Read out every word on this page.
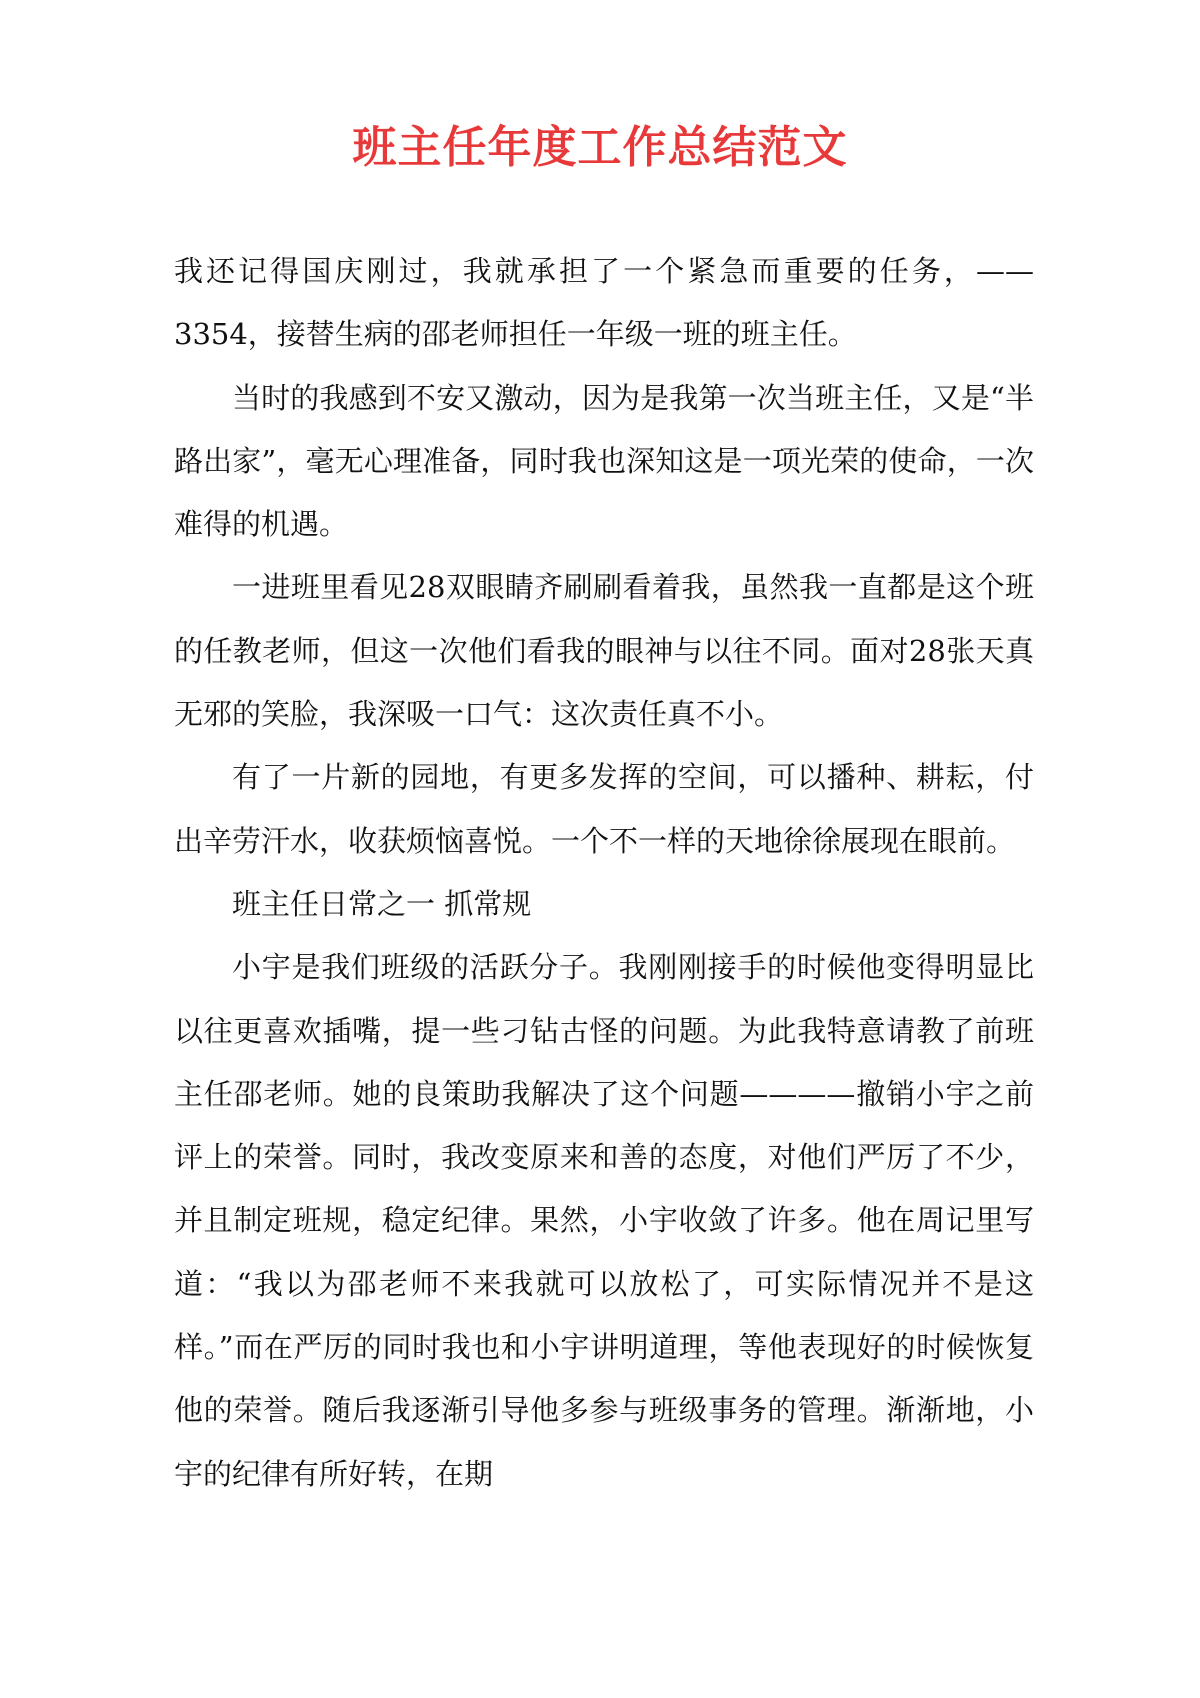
班主任年度工作总结范文

我还记得国庆刚过，我就承担了一个紧急而重要的任务，——3354，接替生病的邵老师担任一年级一班的班主任。

当时的我感到不安又激动，因为是我第一次当班主任，又是“半路出家”，毫无心理准备，同时我也深知这是一项光荣的使命，一次难得的机遇。

一进班里看见28双眼睛齐刷刷看着我，虽然我一直都是这个班的任教老师，但这一次他们看我的眼神与以往不同。面对28张天真无邪的笑脸，我深吸一口气：这次责任真不小。

有了一片新的园地，有更多发挥的空间，可以播种、耕耘，付出辛劳汗水，收获烦恼喜悦。一个不一样的天地徐徐展现在眼前。

班主任日常之一 抓常规

小宇是我们班级的活跃分子。我刚刚接手的时候他变得明显比以往更喜欢插嘴，提一些刁钻古怪的问题。为此我特意请教了前班主任邵老师。她的良策助我解决了这个问题————撤销小宇之前评上的荣誉。同时，我改变原来和善的态度，对他们严厉了不少，并且制定班规，稳定纪律。果然，小宇收敛了许多。他在周记里写道：“我以为邵老师不来我就可以放松了，可实际情况并不是这样。”而在严厉的同时我也和小宇讲明道理，等他表现好的时候恢复他的荣誉。随后我逐渐引导他多参与班级事务的管理。渐渐地，小宇的纪律有所好转，在期
